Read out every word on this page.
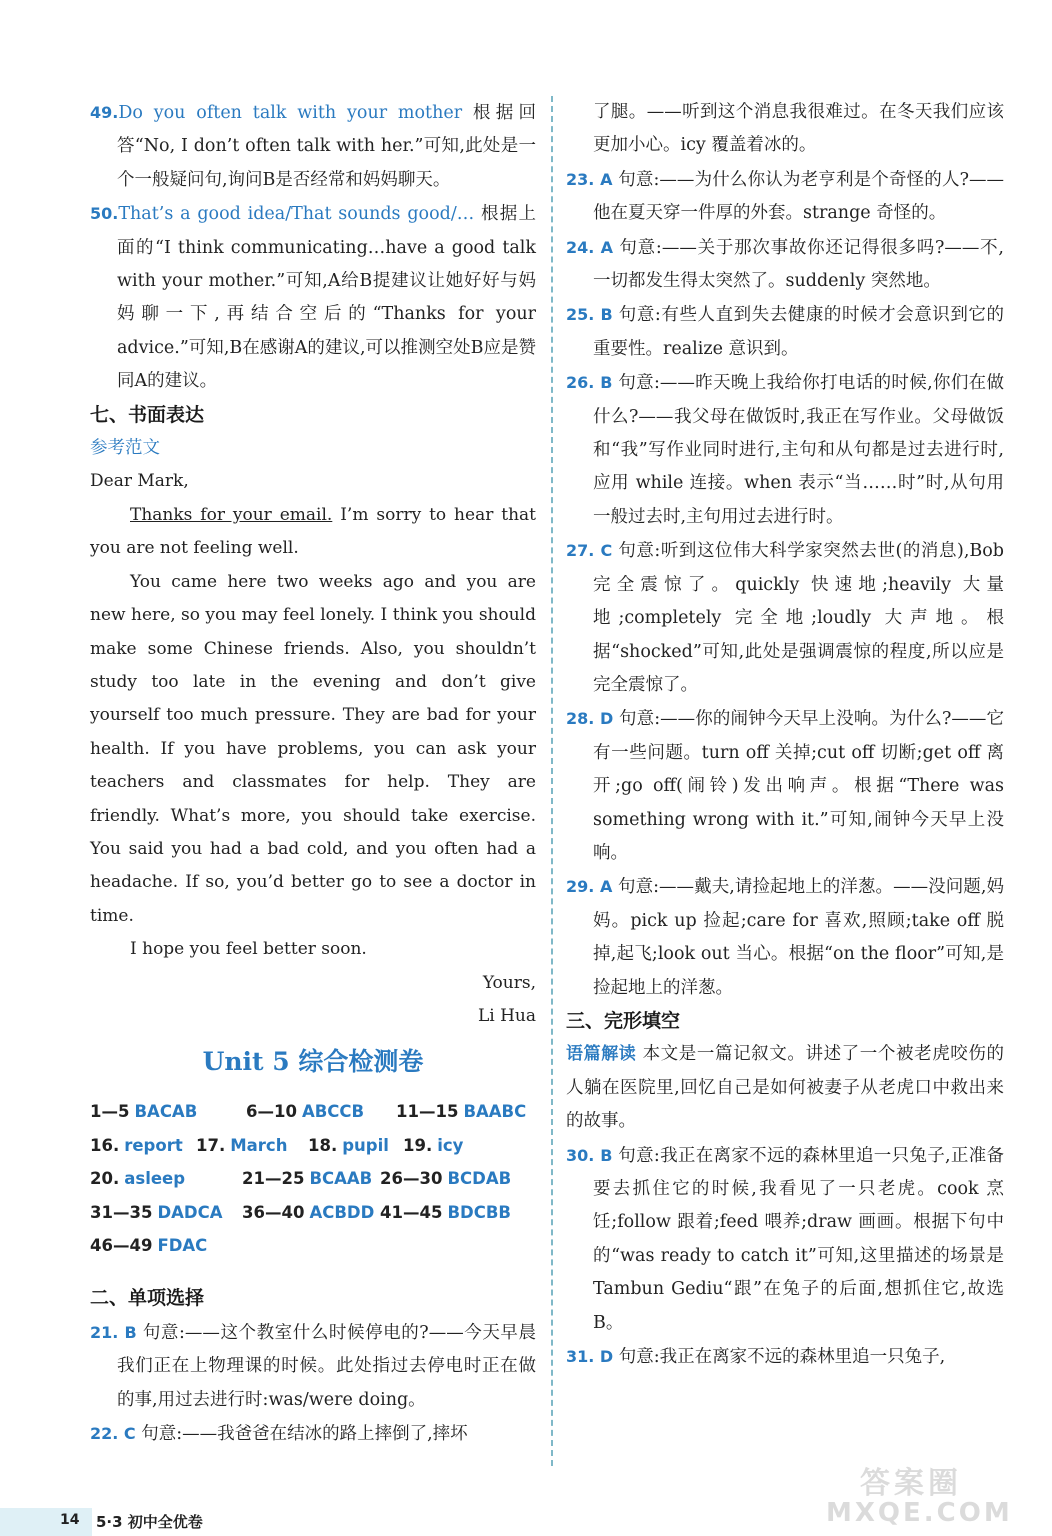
49.Do you often talk with your mother 根据回答“No, I don’t often talk with her.”可知,此处是一个一般疑问句,询问B是否经常和妈妈聊天。

50.That’s a good idea/That sounds good/… 根据上面的“I think communicating…have a good talk with your mother.”可知,A给B提建议让她好好与妈妈聊一下,再结合空后的“Thanks for your advice.”可知,B在感谢A的建议,可以推测空处B应是赞同A的建议。

七、书面表达
参考范文

Dear Mark,

Thanks for your email. I’m sorry to hear that you are not feeling well.

You came here two weeks ago and you are new here, so you may feel lonely. I think you should make some Chinese friends. Also, you shouldn’t study too late in the evening and don’t give yourself too much pressure. They are bad for your health. If you have problems, you can ask your teachers and classmates for help. They are friendly. What’s more, you should take exercise. You said you had a bad cold, and you often had a headache. If so, you’d better go to see a doctor in time.

I hope you feel better soon.

Yours,

Li Hua

Unit 5 综合检测卷
1—5 BACAB	6—10 ABCCB	11—15 BAABC
16. report 17. March	18. pupil 19. icy
20. asleep	21—25 BCAAB 26—30 BCDAB
31—35 DADCA	36—40 ACBDD 41—45 BDCBB
46—49 FDAC
二、单项选择

21. B 句意:——这个教室什么时候停电的?——今天早晨我们正在上物理课的时候。此处指过去停电时正在做的事,用过去进行时:was/were doing。

22. C 句意:——我爸爸在结冰的路上摔倒了,摔坏

了腿。——听到这个消息我很难过。在冬天我们应该更加小心。icy 覆盖着冰的。

23. A 句意:——为什么你认为老亨利是个奇怪的人?——他在夏天穿一件厚的外套。strange 奇怪的。

24. A 句意:——关于那次事故你还记得很多吗?——不,一切都发生得太突然了。suddenly 突然地。

25. B 句意:有些人直到失去健康的时候才会意识到它的重要性。realize 意识到。

26. B 句意:——昨天晚上我给你打电话的时候,你们在做什么?——我父母在做饭时,我正在写作业。父母做饭和“我”写作业同时进行,主句和从句都是过去进行时,应用 while 连接。when 表示“当……时”时,从句用一般过去时,主句用过去进行时。

27. C 句意:听到这位伟大科学家突然去世(的消息),Bob完全震惊了。quickly 快速地;heavily 大量地;completely 完全地;loudly 大声地。根据“shocked”可知,此处是强调震惊的程度,所以应是完全震惊了。

28. D 句意:——你的闹钟今天早上没响。为什么?——它有一些问题。turn off 关掉;cut off 切断;get off 离开;go off(闹铃)发出响声。根据“There was something wrong with it.”可知,闹钟今天早上没响。

29. A 句意:——戴夫,请捡起地上的洋葱。——没问题,妈妈。pick up 捡起;care for 喜欢,照顾;take off 脱掉,起飞;look out 当心。根据“on the floor”可知,是捡起地上的洋葱。

三、完形填空

语篇解读 本文是一篇记叙文。讲述了一个被老虎咬伤的人躺在医院里,回忆自己是如何被妻子从老虎口中救出来的故事。

30. B 句意:我正在离家不远的森林里追一只兔子,正准备要去抓住它的时候,我看见了一只老虎。cook 烹饪;follow 跟着;feed 喂养;draw 画画。根据下句中的“was ready to catch it”可知,这里描述的场景是 Tambun Gediu“跟”在兔子的后面,想抓住它,故选B。

31. D 句意:我正在离家不远的森林里追一只兔子,

14 5·3 初中全优卷
答案圈
MXQE.COM
